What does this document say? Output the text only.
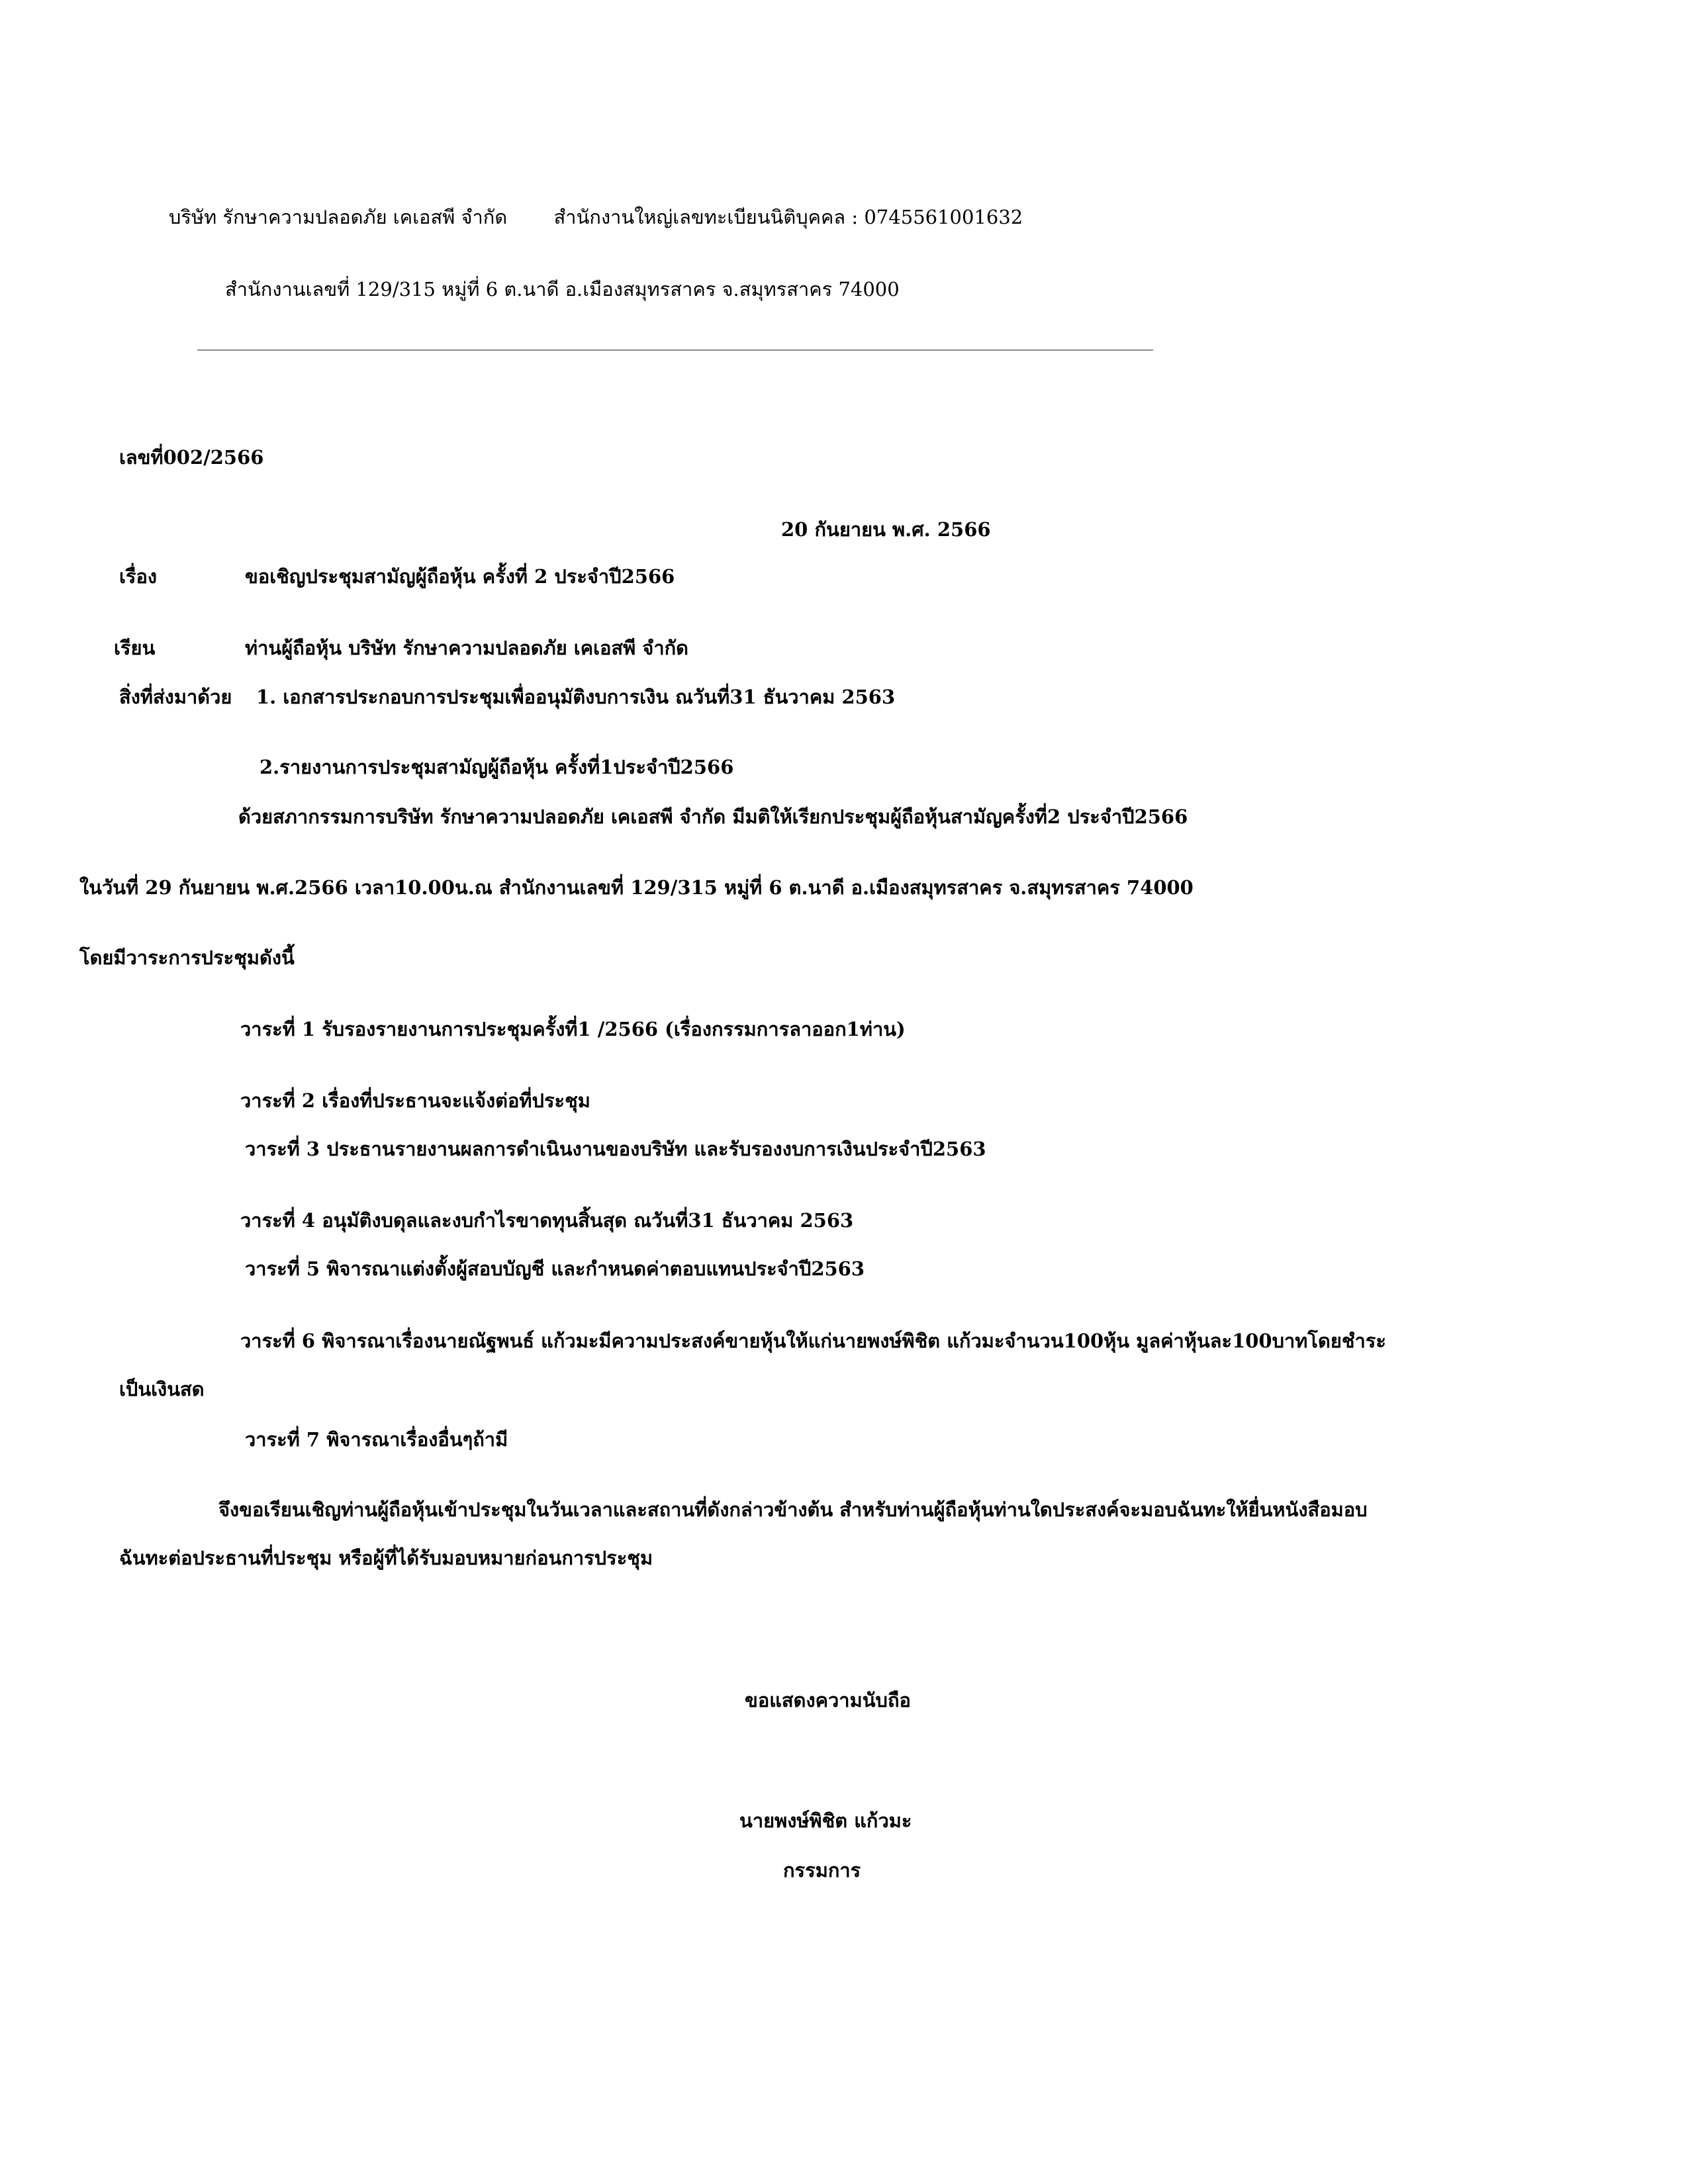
บริษัท รักษาความปลอดภัย เคเอสพี จำกัด สำนักงานใหญ่เลขทะเบียนนิติบุคคล : 0745561001632
สำนักงานเลขที่ 129/315 หมู่ที่ 6 ต.นาดี อ.เมืองสมุทรสาคร จ.สมุทรสาคร 74000
เลขที่002/2566
20 กันยายน พ.ศ. 2566
เรื่อง	ขอเชิญประชุมสามัญผู้ถือหุ้น ครั้งที่ 2 ประจำปี2566
เรียน	ท่านผู้ถือหุ้น บริษัท รักษาความปลอดภัย เคเอสพี จำกัด
สิ่งที่ส่งมาด้วย 1. เอกสารประกอบการประชุมเพื่ออนุมัติงบการเงิน ณวันที่31 ธันวาคม 2563
2.รายงานการประชุมสามัญผู้ถือหุ้น ครั้งที่1ประจำปี2566
ด้วยสภากรรมการบริษัท รักษาความปลอดภัย เคเอสพี จำกัด มีมติให้เรียกประชุมผู้ถือหุ้นสามัญครั้งที่2 ประจำปี2566
ในวันที่ 29 กันยายน พ.ศ.2566 เวลา10.00น.ณ สำนักงานเลขที่ 129/315 หมู่ที่ 6 ต.นาดี อ.เมืองสมุทรสาคร จ.สมุทรสาคร 74000
โดยมีวาระการประชุมดังนี้
วาระที่ 1 รับรองรายงานการประชุมครั้งที่1 /2566 (เรื่องกรรมการลาออก1ท่าน)
วาระที่ 2 เรื่องที่ประธานจะแจ้งต่อที่ประชุม
วาระที่ 3 ประธานรายงานผลการดำเนินงานของบริษัท และรับรองงบการเงินประจำปี2563
วาระที่ 4 อนุมัติงบดุลและงบกำไรขาดทุนสิ้นสุด ณวันที่31 ธันวาคม 2563
วาระที่ 5 พิจารณาแต่งตั้งผู้สอบบัญชี และกำหนดค่าตอบแทนประจำปี2563
วาระที่ 6 พิจารณาเรื่องนายณัฐพนธ์ แก้วมะมีความประสงค์ขายหุ้นให้แก่นายพงษ์พิชิต แก้วมะจำนวน100หุ้น มูลค่าหุ้นละ100บาทโดยชำระ
เป็นเงินสด
วาระที่ 7 พิจารณาเรื่องอื่นๆถ้ามี
จึงขอเรียนเชิญท่านผู้ถือหุ้นเข้าประชุมในวันเวลาและสถานที่ดังกล่าวข้างต้น สำหรับท่านผู้ถือหุ้นท่านใดประสงค์จะมอบฉันทะให้ยื่นหนังสือมอบ
ฉันทะต่อประธานที่ประชุม หรือผู้ที่ได้รับมอบหมายก่อนการประชุม
ขอแสดงความนับถือ
นายพงษ์พิชิต แก้วมะ
กรรมการ
